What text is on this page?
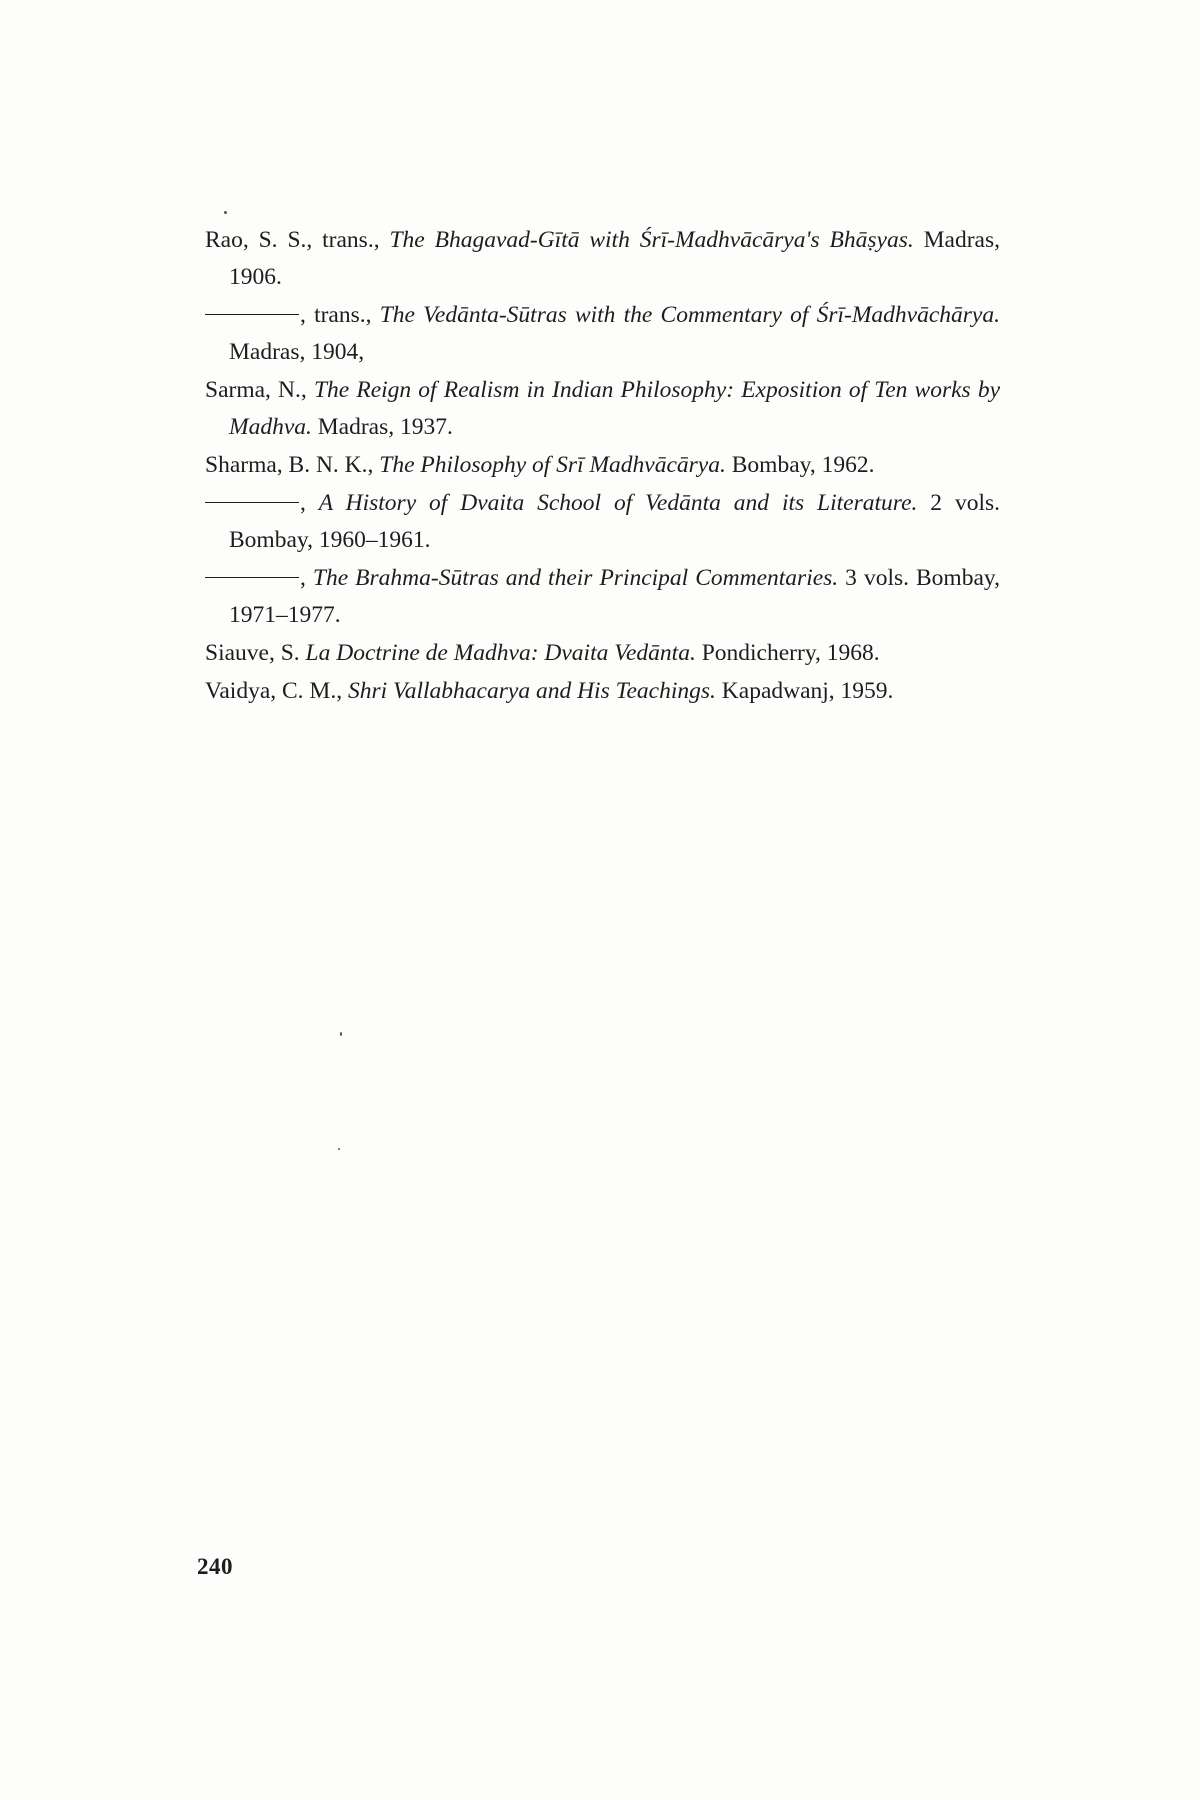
Rao, S. S., trans., The Bhagavad-Gītā with Śrī-Madhvācārya's Bhāṣyas. Madras, 1906.

, trans., The Vedānta-Sūtras with the Commentary of Śrī-Madhvāchārya. Madras, 1904,

Sarma, N., The Reign of Realism in Indian Philosophy: Exposition of Ten works by Madhva. Madras, 1937.

Sharma, B. N. K., The Philosophy of Srī Madhvācārya. Bombay, 1962.

, A History of Dvaita School of Vedānta and its Literature. 2 vols. Bombay, 1960–1961.

, The Brahma-Sūtras and their Principal Commentaries. 3 vols. Bombay, 1971–1977.

Siauve, S. La Doctrine de Madhva: Dvaita Vedānta. Pondicherry, 1968.

Vaidya, C. M., Shri Vallabhacarya and His Teachings. Kapadwanj, 1959.

240
